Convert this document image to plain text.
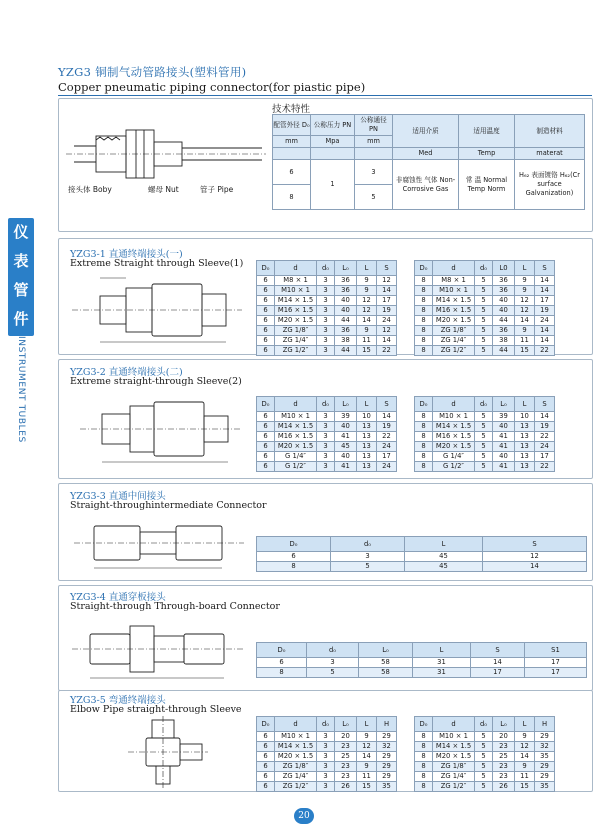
YZG3 铜制气动管路接头(塑料管用)
Copper pneumatic piping connector(for piastic pipe)
仪
表
管
件
INSTRUMENT TUBLES
接头体 Boby	螺母 Nut	管子 Pipe
技术特性
配管外径 D₀	公称压力 PN	公称通径 PN	适用介质	适用温度	制造材料
mm	Mpa	mm			
			Med	Temp	materat
6	1	3	非腐蚀性 气体 Non-Corrosive Gas	常 温 Normal Temp Norm	H₆₂ 表面镀铬 H₆₂(Cr surface Galvanization)
8		5			
YZG3-1 直通终端接头(一)
Extreme Straight through Sleeve(1)	D₀	d	d₀	L₀	L	S
6	M8 × 1	3	36	9	12
6	M10 × 1	3	36	9	14
6	M14 × 1.5	3	40	12	17
6	M16 × 1.5	3	40	12	19
6	M20 × 1.5	3	44	14	24
6	ZG 1/8″	3	36	9	12
6	ZG 1/4″	3	38	11	14
6	ZG 1/2″	3	44	15	22
D₀	d	d₀	L0	L	S
8	M8 × 1	5	36	9	14
8	M10 × 1	5	36	9	14
8	M14 × 1.5	5	40	12	17
8	M16 × 1.5	5	40	12	19
8	M20 × 1.5	5	44	14	24
8	ZG 1/8″	5	36	9	14
8	ZG 1/4″	5	38	11	14
8	ZG 1/2″	5	44	15	22
YZG3-2 直通终端接头(二)
Extreme straight-through Sleeve(2)
D₀	d	d₀	L₀	L	S
6	M10 × 1	3	39	10	14
6	M14 × 1.5	3	40	13	19
6	M16 × 1.5	3	41	13	22
6	M20 × 1.5	3	45	13	24
6	G 1/4″	3	40	13	17
6	G 1/2″	3	41	13	24
D₀	d	d₀	L₀	L	S
8	M10 × 1	5	39	10	14
8	M14 × 1.5	5	40	13	19
8	M16 × 1.5	5	41	13	22
8	M20 × 1.5	5	41	13	24
8	G 1/4″	5	40	13	17
8	G 1/2″	5	41	13	22
YZG3-3 直通中间接头
Straight-throughintermediate Connector
D₀	d₀	L	S
6	3	45	12
8	5	45	14
YZG3-4 直通穿板接头
Straight-through Through-board Connector
D₀	d₀	L₀	L	S	S1
6	3	58	31	14	17
8	5	58	31	17	17
YZG3-5 弯通终端接头
Elbow Pipe straight-through Sleeve
D₀	d	d₀	L₀	L	H
6	M10 × 1	3	20	9	29
6	M14 × 1.5	3	23	12	32
6	M20 × 1.5	3	25	14	29
6	ZG 1/8″	3	23	9	29
6	ZG 1/4″	3	23	11	29
6	ZG 1/2″	3	26	15	35
D₀	d	d₀	L₀	L	H
8	M10 × 1	5	20	9	29
8	M14 × 1.5	5	23	12	32
8	M20 × 1.5	5	25	14	35
8	ZG 1/8″	5	23	9	29
8	ZG 1/4″	5	23	11	29
8	ZG 1/2″	5	26	15	35
20
